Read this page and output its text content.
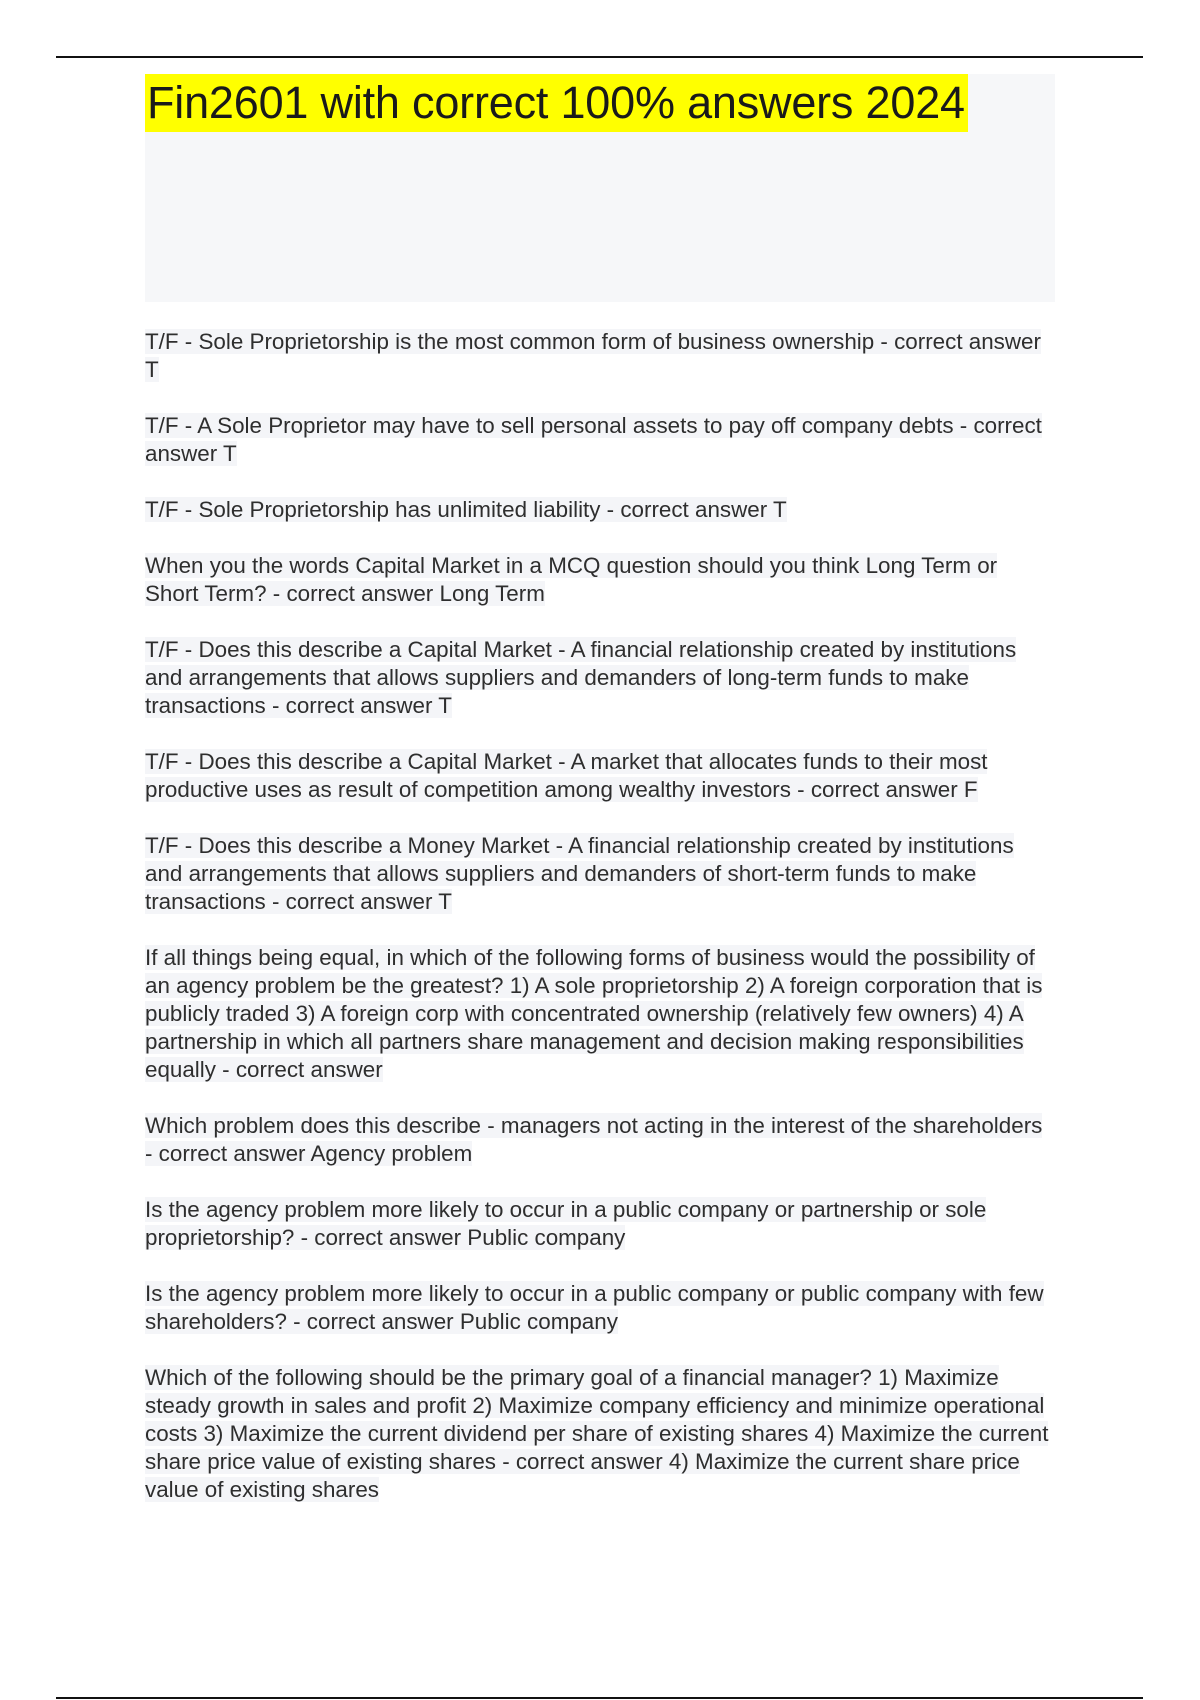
Fin2601 with correct 100% answers 2024
T/F - Sole Proprietorship is the most common form of business ownership - correct answer T
T/F - A Sole Proprietor may have to sell personal assets to pay off company debts - correct answer T
T/F - Sole Proprietorship has unlimited liability - correct answer T
When you the words Capital Market in a MCQ question should you think Long Term or Short Term? - correct answer Long Term
T/F - Does this describe a Capital Market - A financial relationship created by institutions and arrangements that allows suppliers and demanders of long-term funds to make transactions - correct answer T
T/F - Does this describe a Capital Market - A market that allocates funds to their most productive uses as result of competition among wealthy investors - correct answer F
T/F - Does this describe a Money Market - A financial relationship created by institutions and arrangements that allows suppliers and demanders of short-term funds to make transactions - correct answer T
If all things being equal, in which of the following forms of business would the possibility of an agency problem be the greatest? 1) A sole proprietorship 2) A foreign corporation that is publicly traded 3) A foreign corp with concentrated ownership (relatively few owners) 4) A partnership in which all partners share management and decision making responsibilities equally - correct answer
Which problem does this describe - managers not acting in the interest of the shareholders - correct answer Agency problem
Is the agency problem more likely to occur in a public company or partnership or sole proprietorship? - correct answer Public company
Is the agency problem more likely to occur in a public company or public company with few shareholders? - correct answer Public company
Which of the following should be the primary goal of a financial manager? 1) Maximize steady growth in sales and profit 2) Maximize company efficiency and minimize operational costs 3) Maximize the current dividend per share of existing shares 4) Maximize the current share price value of existing shares - correct answer 4) Maximize the current share price value of existing shares
